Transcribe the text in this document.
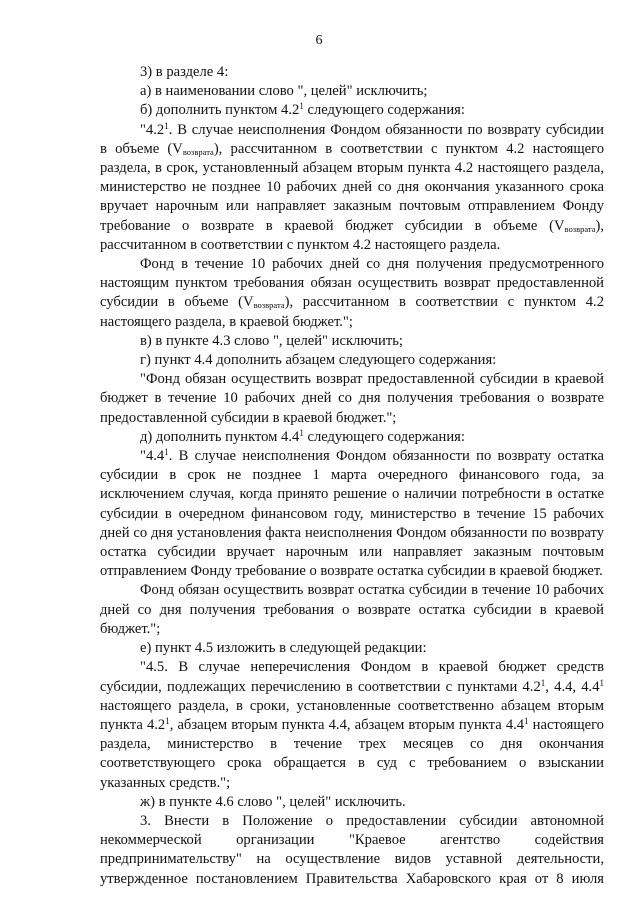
6

3) в разделе 4:

а) в наименовании слово ", целей" исключить;

б) дополнить пунктом $4.2^1$ следующего содержания:

"$4.2^1$. В случае неисполнения Фондом обязанности по возврату субсидии в объеме $(V_{возврата})$, рассчитанном в соответствии с пунктом 4.2 настоящего раздела, в срок, установленный абзацем вторым пункта 4.2 настоящего раздела, министерство не позднее 10 рабочих дней со дня окончания указанного срока вручает нарочным или направляет заказным почтовым отправлением Фонду требование о возврате в краевой бюджет субсидии в объеме $(V_{возврата})$, рассчитанном в соответствии с пунктом 4.2 настоящего раздела.

Фонд в течение 10 рабочих дней со дня получения предусмотренного настоящим пунктом требования обязан осуществить возврат предоставленной субсидии в объеме $(V_{возврата})$, рассчитанном в соответствии с пунктом 4.2 настоящего раздела, в краевой бюджет.";

в) в пункте 4.3 слово ", целей" исключить;

г) пункт 4.4 дополнить абзацем следующего содержания:

"Фонд обязан осуществить возврат предоставленной субсидии в краевой бюджет в течение 10 рабочих дней со дня получения требования о возврате предоставленной субсидии в краевой бюджет.";

д) дополнить пунктом $4.4^1$ следующего содержания:

"$4.4^1$. В случае неисполнения Фондом обязанности по возврату остатка субсидии в срок не позднее 1 марта очередного финансового года, за исключением случая, когда принято решение о наличии потребности в остатке субсидии в очередном финансовом году, министерство в течение 15 рабочих дней со дня установления факта неисполнения Фондом обязанности по возврату остатка субсидии вручает нарочным или направляет заказным почтовым отправлением Фонду требование о возврате остатка субсидии в краевой бюджет.

Фонд обязан осуществить возврат остатка субсидии в течение 10 рабочих дней со дня получения требования о возврате остатка субсидии в краевой бюджет.";

е) пункт 4.5 изложить в следующей редакции:

"4.5. В случае неперечисления Фондом в краевой бюджет средств субсидии, подлежащих перечислению в соответствии с пунктами $4.2^1$, 4.4, $4.4^1$ настоящего раздела, в сроки, установленные соответственно абзацем вторым пункта $4.2^1$, абзацем вторым пункта 4.4, абзацем вторым пункта $4.4^1$ настоящего раздела, министерство в течение трех месяцев со дня окончания соответствующего срока обращается в суд с требованием о взыскании указанных средств.";

ж) в пункте 4.6 слово ", целей" исключить.

3. Внести в Положение о предоставлении субсидии автономной некоммерческой организации "Краевое агентство содействия предпринимательству" на осуществление видов уставной деятельности, утвержденное постановлением Правительства Хабаровского края от 8 июля
